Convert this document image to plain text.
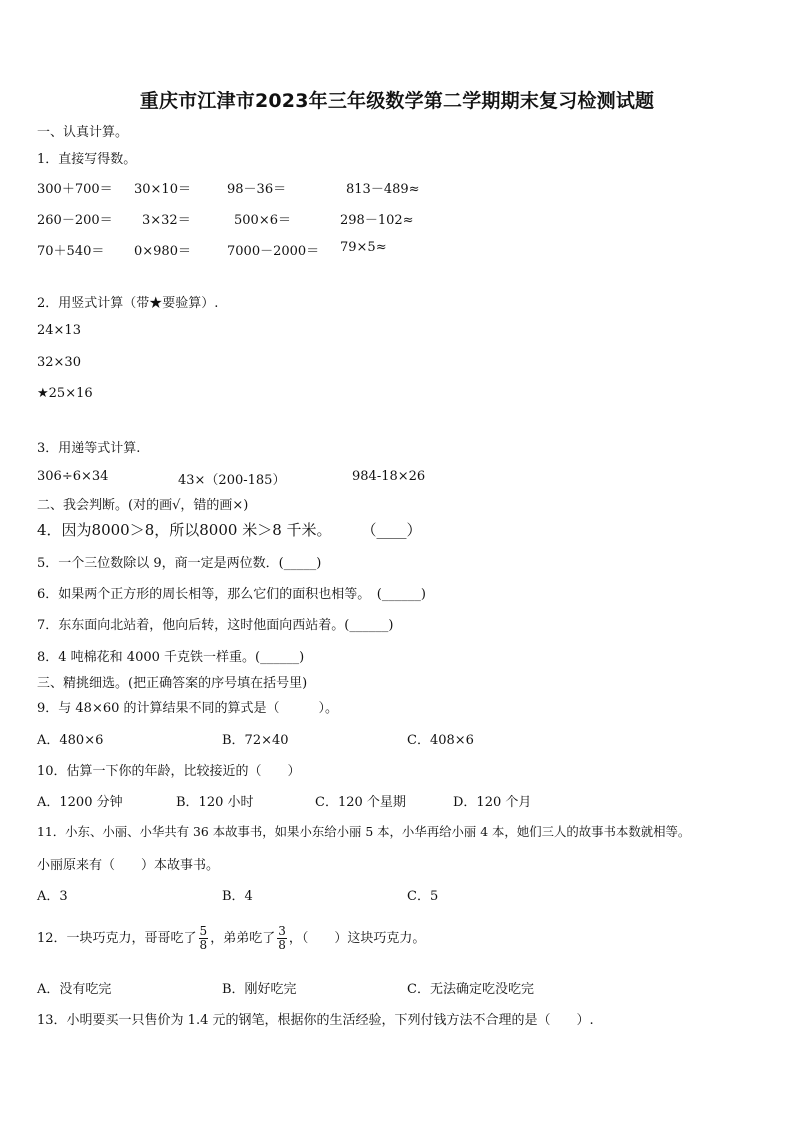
重庆市江津市2023年三年级数学第二学期期末复习检测试题
一、认真计算。
1．直接写得数。
300＋700＝ 30×10＝	98－36＝	813－489≈
260－200＝ 3×32＝	500×6＝	298－102≈
70＋540＝ 0×980＝	7000－2000＝ 79×5≈
2．用竖式计算（带★要验算）.
24×13
32×30
★25×16
3．用递等式计算.
306÷6×34	43×（200-185）	984-18×26
二、我会判断。(对的画√，错的画×)
4．因为8000＞8，所以8000 米＞8 千米。　　　（____）
5．一个三位数除以 9，商一定是两位数．(_____)
6．如果两个正方形的周长相等，那么它们的面积也相等。　(______)
7．东东面向北站着，他向后转，这时他面向西站着。(______)
8．4 吨棉花和 4000 千克铁一样重。(______)
三、精挑细选。(把正确答案的序号填在括号里)
9．与 48×60 的计算结果不同的算式是（　　　）。
A．480×6	B．72×40	C．408×6
10．估算一下你的年龄，比较接近的（　　）
A．1200 分钟	B．120 小时	C．120 个星期	D．120 个月
11．小东、小丽、小华共有 36 本故事书，如果小东给小丽 5 本，小华再给小丽 4 本，她们三人的故事书本数就相等。
小丽原来有（　　）本故事书。
A．3	B．4	C．5
12．一块巧克力，哥哥吃了 $\frac{5}{8}$ ，弟弟吃了 $\frac{3}{8}$ ，（　　）这块巧克力。
A．没有吃完	B．刚好吃完	C．无法确定吃没吃完
13．小明要买一只售价为 1.4 元的钢笔，根据你的生活经验，下列付钱方法不合理的是（　　）.
